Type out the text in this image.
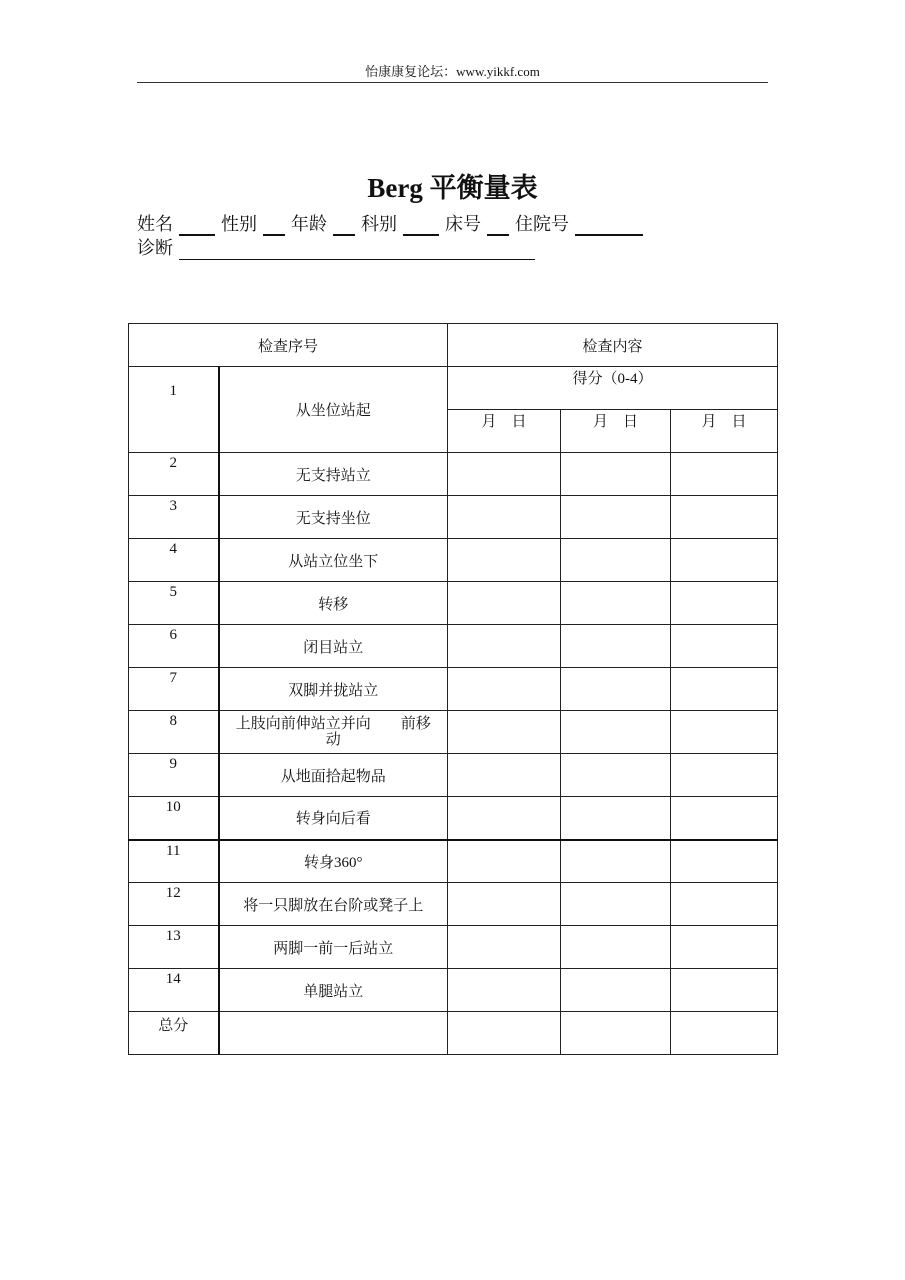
怡康康复论坛：www.yikkf.com
Berg 平衡量表
姓名	性别 年龄 科别	床号 住院号
诊断
检查序号		检查内容		
1	从坐位站起	得分（0-4）		
		月　日	月　日	月　日
2	无支持站立			
3	无支持坐位			
4	从站立位坐下			
5	转移			
6	闭目站立			
7	双脚并拢站立			
8	上肢向前伸站立并向　　前移动			

9	从地面拾起物品			
10	转身向后看			
11	转身360°			
12	将一只脚放在台阶或凳子上			
13	两脚一前一后站立			
14	单腿站立			
总分				
